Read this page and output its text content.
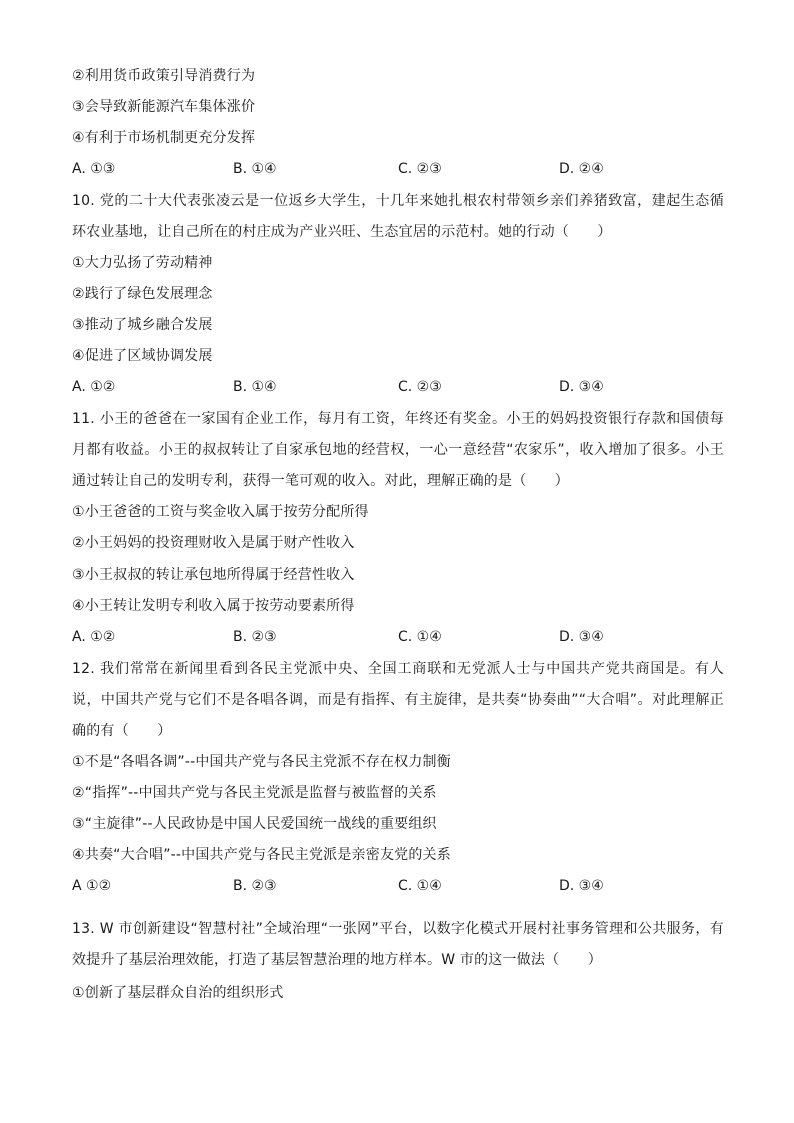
②利用货币政策引导消费行为
③会导致新能源汽车集体涨价
④有利于市场机制更充分发挥
A. ①③	B. ①④	C. ②③	D. ②④
10. 党的二十大代表张凌云是一位返乡大学生，十几年来她扎根农村带领乡亲们养猪致富，建起生态循环农业基地，让自己所在的村庄成为产业兴旺、生态宜居的示范村。她的行动（　　）
①大力弘扬了劳动精神
②践行了绿色发展理念
③推动了城乡融合发展
④促进了区域协调发展
A. ①②	B. ①④	C. ②③	D. ③④
11. 小王的爸爸在一家国有企业工作，每月有工资，年终还有奖金。小王的妈妈投资银行存款和国债每月都有收益。小王的叔叔转让了自家承包地的经营权，一心一意经营“农家乐”，收入增加了很多。小王通过转让自己的发明专利，获得一笔可观的收入。对此，理解正确的是（　　）
①小王爸爸的工资与奖金收入属于按劳分配所得
②小王妈妈的投资理财收入是属于财产性收入
③小王叔叔的转让承包地所得属于经营性收入
④小王转让发明专利收入属于按劳动要素所得
A. ①②	B. ②③	C. ①④	D. ③④
12. 我们常常在新闻里看到各民主党派中央、全国工商联和无党派人士与中国共产党共商国是。有人说，中国共产党与它们不是各唱各调，而是有指挥、有主旋律，是共奏“协奏曲”“大合唱”。对此理解正确的有（　　）
①不是“各唱各调”--中国共产党与各民主党派不存在权力制衡
②“指挥”--中国共产党与各民主党派是监督与被监督的关系
③“主旋律”--人民政协是中国人民爱国统一战线的重要组织
④共奏“大合唱”--中国共产党与各民主党派是亲密友党的关系
A ①②	B. ②③	C. ①④	D. ③④
13. W 市创新建设“智慧村社”全域治理“一张网”平台，以数字化模式开展村社事务管理和公共服务，有效提升了基层治理效能，打造了基层智慧治理的地方样本。W 市的这一做法（　　）
①创新了基层群众自治的组织形式
